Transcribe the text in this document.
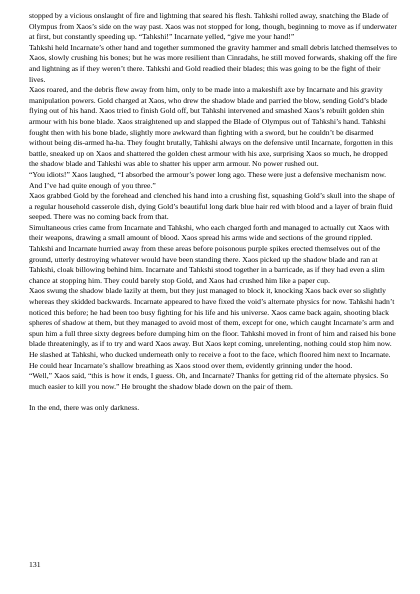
stopped by a vicious onslaught of fire and lightning that seared his flesh. Tahkshi rolled away, snatching the Blade of Olympus from Xaos’s side on the way past. Xaos was not stopped for long, though, beginning to move as if underwater at first, but constantly speeding up. “Tahkshi!” Incarnate yelled, “give me your hand!”

Tahkshi held Incarnate’s other hand and together summoned the gravity hammer and small debris latched themselves to Xaos, slowly crushing his bones; but he was more resilient than Cinradahs, he still moved forwards, shaking off the fire and lightning as if they weren’t there. Tahkshi and Gold readied their blades; this was going to be the fight of their lives.

Xaos roared, and the debris flew away from him, only to be made into a makeshift axe by Incarnate and his gravity manipulation powers. Gold charged at Xaos, who drew the shadow blade and parried the blow, sending Gold’s blade flying out of his hand. Xaos tried to finish Gold off, but Tahkshi intervened and smashed Xaos’s rebuilt golden shin armour with his bone blade. Xaos straightened up and slapped the Blade of Olympus out of Tahkshi’s hand. Tahkshi fought then with his bone blade, slightly more awkward than fighting with a sword, but he couldn’t be disarmed without being dis-armed ha-ha. They fought brutally, Tahkshi always on the defensive until Incarnate, forgotten in this battle, sneaked up on Xaos and shattered the golden chest armour with his axe, surprising Xaos so much, he dropped the shadow blade and Tahkshi was able to shatter his upper arm armour. No power rushed out.

“You idiots!” Xaos laughed, “I absorbed the armour’s power long ago. These were just a defensive mechanism now. And I’ve had quite enough of you three.”

Xaos grabbed Gold by the forehead and clenched his hand into a crushing fist, squashing Gold’s skull into the shape of a regular household casserole dish, dying Gold’s beautiful long dark blue hair red with blood and a layer of brain fluid seeped. There was no coming back from that.

Simultaneous cries came from Incarnate and Tahkshi, who each charged forth and managed to actually cut Xaos with their weapons, drawing a small amount of blood. Xaos spread his arms wide and sections of the ground rippled. Tahkshi and Incarnate hurried away from these areas before poisonous purple spikes erected themselves out of the ground, utterly destroying whatever would have been standing there. Xaos picked up the shadow blade and ran at Tahkshi, cloak billowing behind him. Incarnate and Tahkshi stood together in a barricade, as if they had even a slim chance at stopping him. They could barely stop Gold, and Xaos had crushed him like a paper cup.

Xaos swung the shadow blade lazily at them, but they just managed to block it, knocking Xaos back ever so slightly whereas they skidded backwards. Incarnate appeared to have fixed the void’s alternate physics for now. Tahkshi hadn’t noticed this before; he had been too busy fighting for his life and his universe. Xaos came back again, shooting black spheres of shadow at them, but they managed to avoid most of them, except for one, which caught Incarnate’s arm and spun him a full three sixty degrees before dumping him on the floor. Tahkshi moved in front of him and raised his bone blade threateningly, as if to try and ward Xaos away. But Xaos kept coming, unrelenting, nothing could stop him now. He slashed at Tahkshi, who ducked underneath only to receive a foot to the face, which floored him next to Incarnate. He could hear Incarnate’s shallow breathing as Xaos stood over them, evidently grinning under the hood.

“Well,” Xaos said, “this is how it ends, I guess. Oh, and Incarnate? Thanks for getting rid of the alternate physics. So much easier to kill you now.” He brought the shadow blade down on the pair of them.

In the end, there was only darkness.

131
